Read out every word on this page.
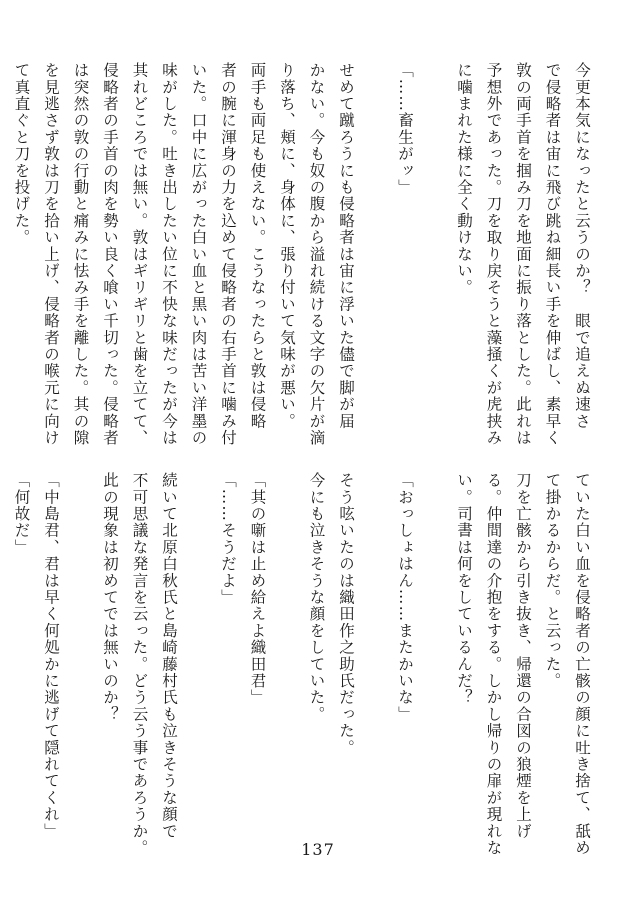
今更本気になったと云うのか？　眼で追えぬ速さ
で侵略者は宙に飛び跳ね細長い手を伸ばし、素早く
敦の両手首を掴み刀を地面に振り落とした。此れは
予想外であった。刀を取り戻そうと藻掻くが虎挟み
に噛まれた様に全く動けない。
「……畜生がッ」
せめて蹴ろうにも侵略者は宙に浮いた儘で脚が届
かない。今も奴の腹から溢れ続ける文字の欠片が滴
り落ち、頬に、身体に、張り付いて気味が悪い。
両手も両足も使えない。こうなったらと敦は侵略
者の腕に渾身の力を込めて侵略者の右手首に噛み付
いた。口中に広がった白い血と黒い肉は苦い洋墨の
味がした。吐き出したい位に不快な味だったが今は
其れどころでは無い。敦はギリギリと歯を立てて、
侵略者の手首の肉を勢い良く喰い千切った。侵略者
は突然の敦の行動と痛みに怯み手を離した。其の隙
を見逃さず敦は刀を拾い上げ、侵略者の喉元に向け
て真直ぐと刀を投げた。
ていた白い血を侵略者の亡骸の顔に吐き捨て、舐め
て掛かるからだ。と云った。
刀を亡骸から引き抜き、帰還の合図の狼煙を上げ
る。仲間達の介抱をする。しかし帰りの扉が現れな
い。司書は何をしているんだ？
「おっしょはん……またかいな」
そう呟いたのは織田作之助氏だった。
今にも泣きそうな顔をしていた。
「其の噺は止め給えよ織田君」
「……そうだよ」
続いて北原白秋氏と島崎藤村氏も泣きそうな顔で
不可思議な発言を云った。どう云う事であろうか。
此の現象は初めてでは無いのか？
「中島君、君は早く何処かに逃げて隠れてくれ」
「何故だ」
137
